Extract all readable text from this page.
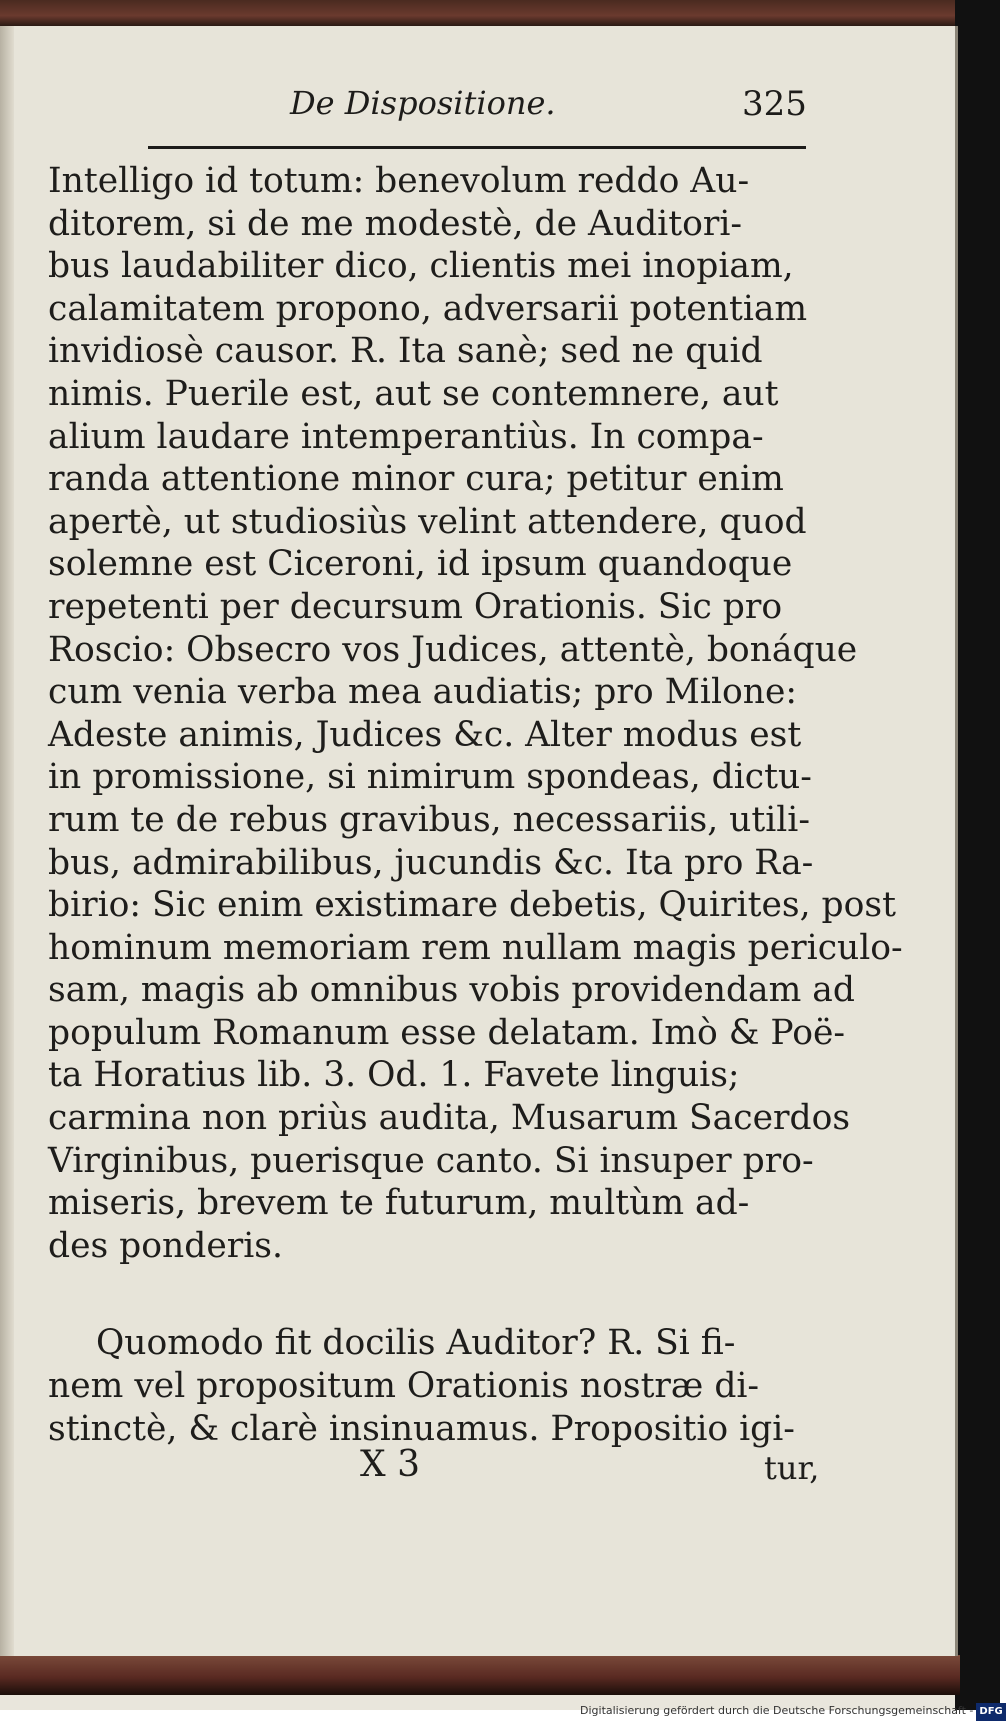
De Dispositione.	325
Intelligo id totum: benevolum reddo Au-
ditorem, si de me modestè, de Auditori-
bus laudabiliter dico, clientis mei inopiam,
calamitatem propono, adversarii potentiam
invidiosè causor. R. Ita sanè; sed ne quid
nimis. Puerile est, aut se contemnere, aut
alium laudare intemperantiùs. In compa-
randa attentione minor cura; petitur enim
apertè, ut studiosiùs velint attendere, quod
solemne est Ciceroni, id ipsum quandoque
repetenti per decursum Orationis. Sic pro
Roscio: Obsecro vos Judices, attentè, bonáque
cum venia verba mea audiatis; pro Milone:
Adeste animis, Judices &c. Alter modus est
in promissione, si nimirum spondeas, dictu-
rum te de rebus gravibus, necessariis, utili-
bus, admirabilibus, jucundis &c. Ita pro Ra-
birio: Sic enim existimare debetis, Quirites, post
hominum memoriam rem nullam magis periculo-
sam, magis ab omnibus vobis providendam ad
populum Romanum esse delatam. Imò & Poë-
ta Horatius lib. 3. Od. 1. Favete linguis;
carmina non priùs audita, Musarum Sacerdos
Virginibus, puerisque canto. Si insuper pro-
miseris, brevem te futurum, multùm ad-
des ponderis.
Quomodo fit docilis Auditor? R. Si fi-
nem vel propositum Orationis nostræ di-
stinctè, & clarè insinuamus. Propositio igi-
X 3	tur,
Digitalisierung gefördert durch die Deutsche Forschungsgemeinschaft - DFG
